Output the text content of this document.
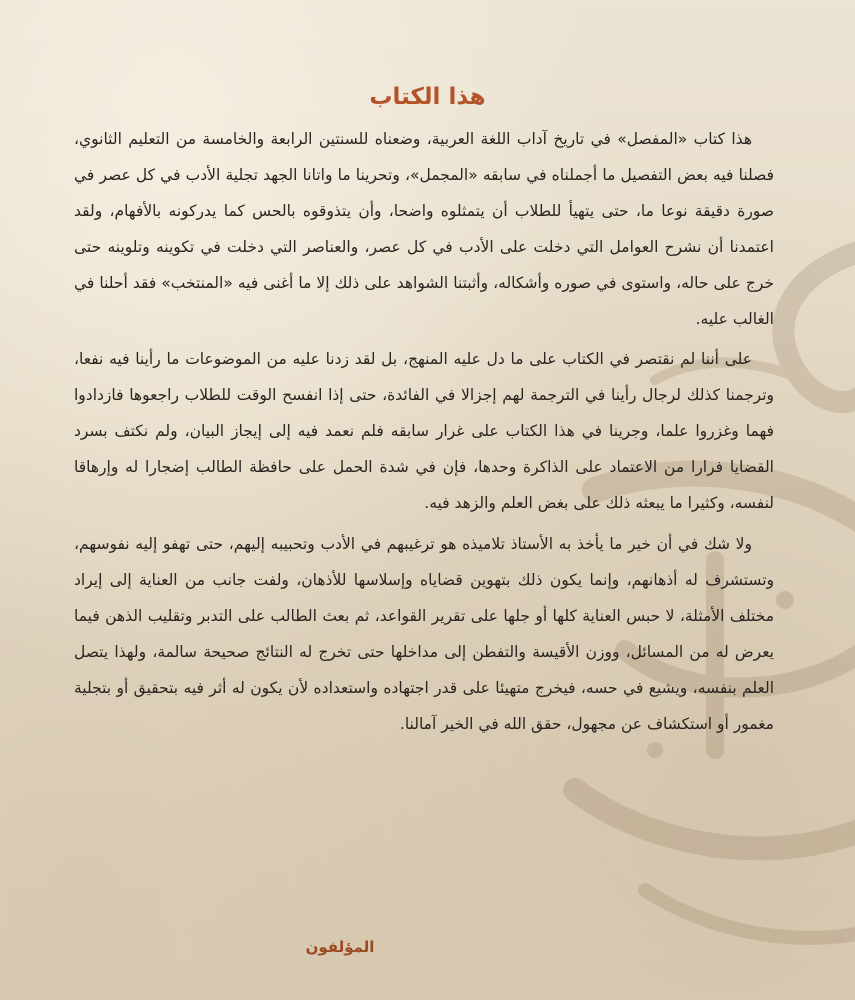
هذا الكتاب

هذا كتاب «المفصل» في تاريخ آداب اللغة العربية، وضعناه للسنتين الرابعة والخامسة من التعليم الثانوي، فصلنا فيه بعض التفصيل ما أجملناه في سابقه «المجمل»، وتحرينا ما واتانا الجهد تجلية الأدب في كل عصر في صورة دقيقة نوعا ما، حتى يتهيأ للطلاب أن يتمثلوه واضحا، وأن يتذوقوه بالحس كما يدركونه بالأفهام، ولقد اعتمدنا أن نشرح العوامل التي دخلت على الأدب في كل عصر، والعناصر التي دخلت في تكوينه وتلوينه حتى خرج على حاله، واستوى في صوره وأشكاله، وأثبتنا الشواهد على ذلك إلا ما أغنى فيه «المنتخب» فقد أحلنا في الغالب عليه.

على أننا لم نقتصر في الكتاب على ما دل عليه المنهج، بل لقد زدنا عليه من الموضوعات ما رأينا فيه نفعا، وترجمنا كذلك لرجال رأينا في الترجمة لهم إجزالا في الفائدة، حتى إذا انفسح الوقت للطلاب راجعوها فازدادوا فهما وغزروا علما، وجرينا في هذا الكتاب على غرار سابقه فلم نعمد فيه إلى إيجاز البيان، ولم نكتف بسرد القضايا فرارا من الاعتماد على الذاكرة وحدها، فإن في شدة الحمل على حافظة الطالب إضجارا له وإرهاقا لنفسه، وكثيرا ما يبعثه ذلك على بغض العلم والزهد فيه.

ولا شك في أن خير ما يأخذ به الأستاذ تلاميذه هو ترغيبهم في الأدب وتحبيبه إليهم، حتى تهفو إليه نفوسهم، وتستشرف له أذهانهم، وإنما يكون ذلك بتهوين قضاياه وإسلاسها للأذهان، ولفت جانب من العناية إلى إيراد مختلف الأمثلة، لا حبس العناية كلها أو جلها على تقرير القواعد، ثم بعث الطالب على التدبر وتقليب الذهن فيما يعرض له من المسائل، ووزن الأقيسة والتفطن إلى مداخلها حتى تخرج له النتائج صحيحة سالمة، ولهذا يتصل العلم بنفسه، ويشيع في حسه، فيخرج متهيئا على قدر اجتهاده واستعداده لأن يكون له أثر فيه بتحقيق أو بتجلية مغمور أو استكشاف عن مجهول، حقق الله في الخير آمالنا.

المؤلفون
